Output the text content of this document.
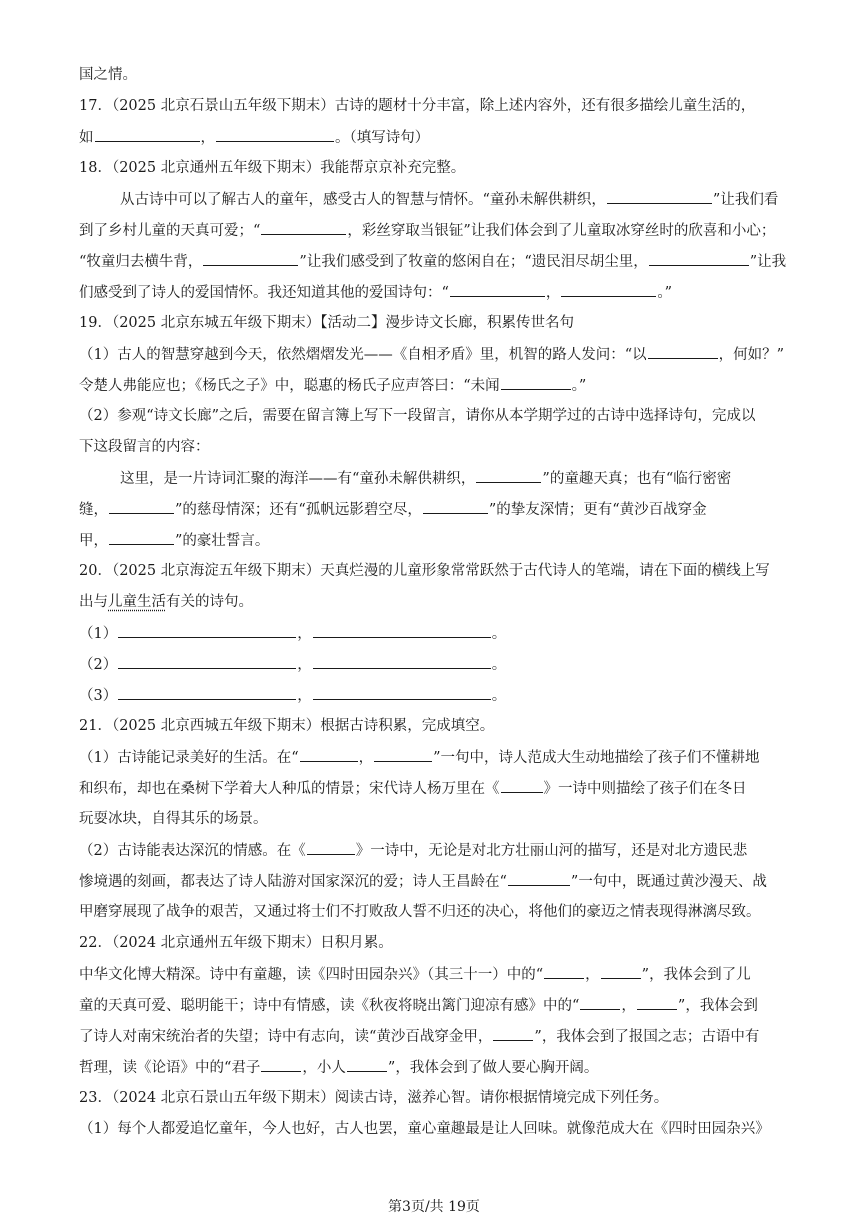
国之情。
17．（2025 北京石景山五年级下期末）古诗的题材十分丰富，除上述内容外，还有很多描绘儿童生活的，
如	，	。（填写诗句）
18．（2025 北京通州五年级下期末）我能帮京京补充完整。
从古诗中可以了解古人的童年，感受古人的智慧与情怀。“童孙未解供耕织，	”让我们看
到了乡村儿童的天真可爱；“	，彩丝穿取当银钲”让我们体会到了儿童取冰穿丝时的欣喜和小心；
“牧童归去横牛背，	”让我们感受到了牧童的悠闲自在；“遗民泪尽胡尘里，	”让我
们感受到了诗人的爱国情怀。我还知道其他的爱国诗句：“	，	。”
19．（2025 北京东城五年级下期末）【活动二】漫步诗文长廊，积累传世名句
（1）古人的智慧穿越到今天，依然熠熠发光——《自相矛盾》里，机智的路人发问：“以	，何如？”
令楚人弗能应也；《杨氏之子》中，聪惠的杨氏子应声答曰：“未闻	。”
（2）参观“诗文长廊”之后，需要在留言簿上写下一段留言，请你从本学期学过的古诗中选择诗句，完成以
下这段留言的内容：
这里，是一片诗词汇聚的海洋——有“童孙未解供耕织，	”的童趣天真；也有“临行密密
缝，	”的慈母情深；还有“孤帆远影碧空尽，	”的挚友深情；更有“黄沙百战穿金
甲，	”的豪壮誓言。
20．（2025 北京海淀五年级下期末）天真烂漫的儿童形象常常跃然于古代诗人的笔端，请在下面的横线上写
出与儿童生活有关的诗句。
（1）	，	。
（2）	，	。
（3）	，	。
21．（2025 北京西城五年级下期末）根据古诗积累，完成填空。
（1）古诗能记录美好的生活。在“	，	”一句中，诗人范成大生动地描绘了孩子们不懂耕地
和织布，却也在桑树下学着大人种瓜的情景；宋代诗人杨万里在《	》一诗中则描绘了孩子们在冬日
玩耍冰块，自得其乐的场景。
（2）古诗能表达深沉的情感。在《	》一诗中，无论是对北方壮丽山河的描写，还是对北方遗民悲
惨境遇的刻画，都表达了诗人陆游对国家深沉的爱；诗人王昌龄在“	”一句中，既通过黄沙漫天、战
甲磨穿展现了战争的艰苦，又通过将士们不打败敌人誓不归还的决心，将他们的豪迈之情表现得淋漓尽致。
22．（2024 北京通州五年级下期末）日积月累。
中华文化博大精深。诗中有童趣，读《四时田园杂兴》（其三十一）中的“	，	”，我体会到了儿
童的天真可爱、聪明能干；诗中有情感，读《秋夜将晓出篱门迎凉有感》中的“	，	”，我体会到
了诗人对南宋统治者的失望；诗中有志向，读“黄沙百战穿金甲，	”，我体会到了报国之志；古语中有
哲理，读《论语》中的“君子	，小人	”，我体会到了做人要心胸开阔。
23．（2024 北京石景山五年级下期末）阅读古诗，滋养心智。请你根据情境完成下列任务。
（1）每个人都爱追忆童年，今人也好，古人也罢，童心童趣最是让人回味。就像范成大在《四时田园杂兴》
第3页/共 19页
